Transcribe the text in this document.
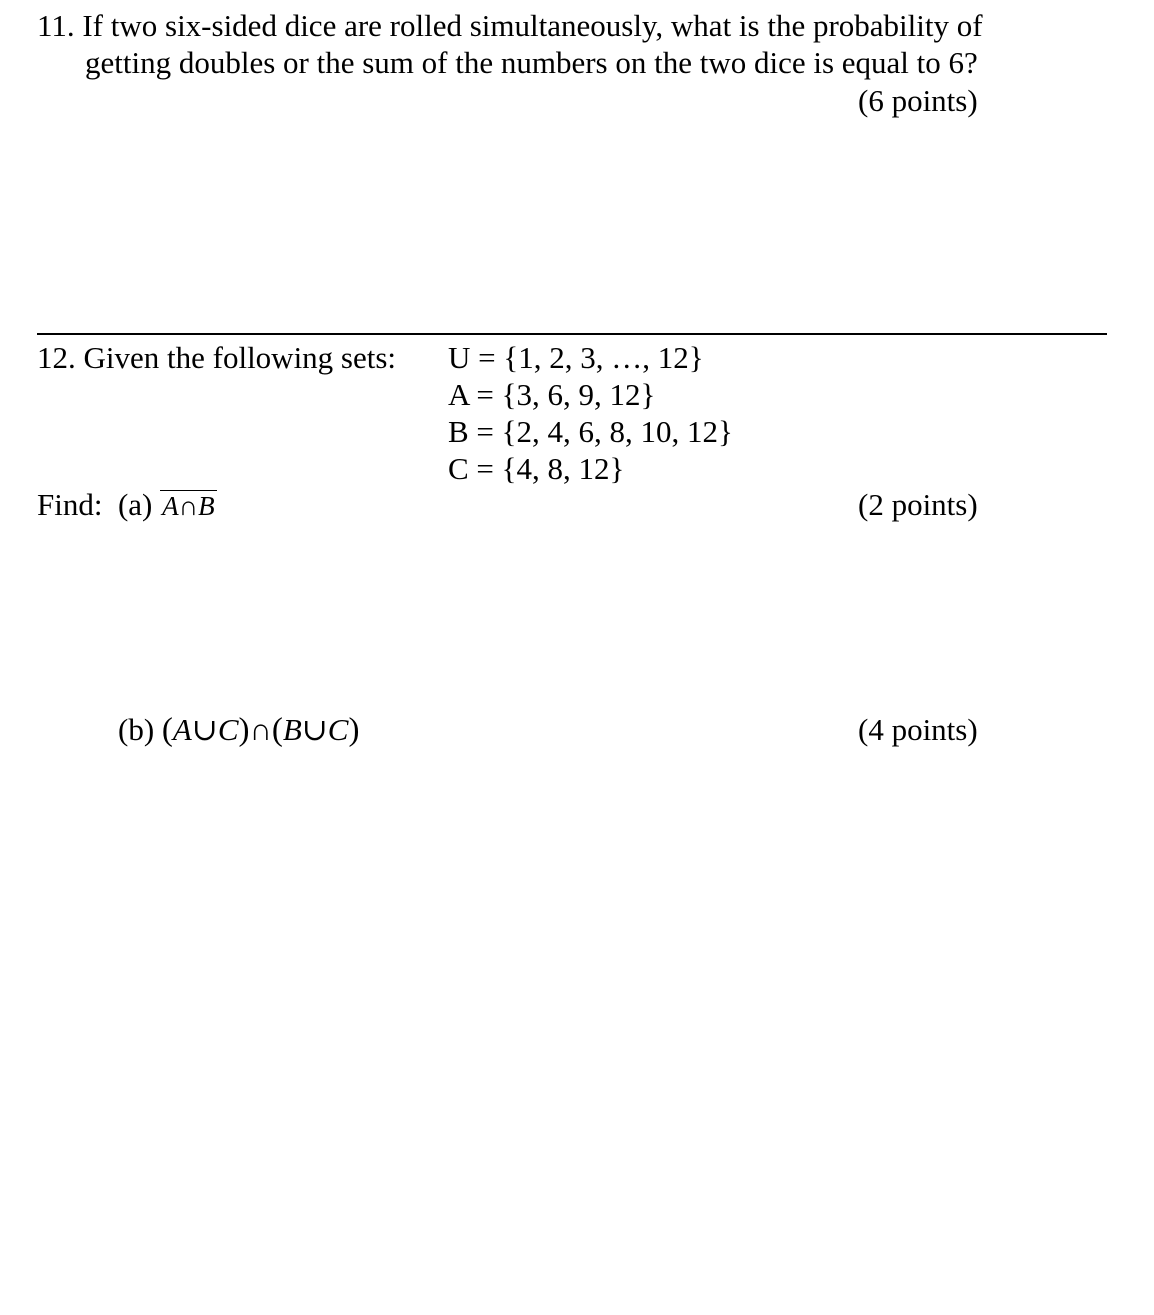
11. If two six-sided dice are rolled simultaneously, what is the probability of
getting doubles or the sum of the numbers on the two dice is equal to 6?
(6 points)
12. Given the following sets: U = {1, 2, 3, …, 12}
A = {3, 6, 9, 12}
B = {2, 4, 6, 8, 10, 12}
C = {4, 8, 12}
Find: (a) A∩B	(2 points)
(b) (A∪C)∩(B∪C)	(4 points)
